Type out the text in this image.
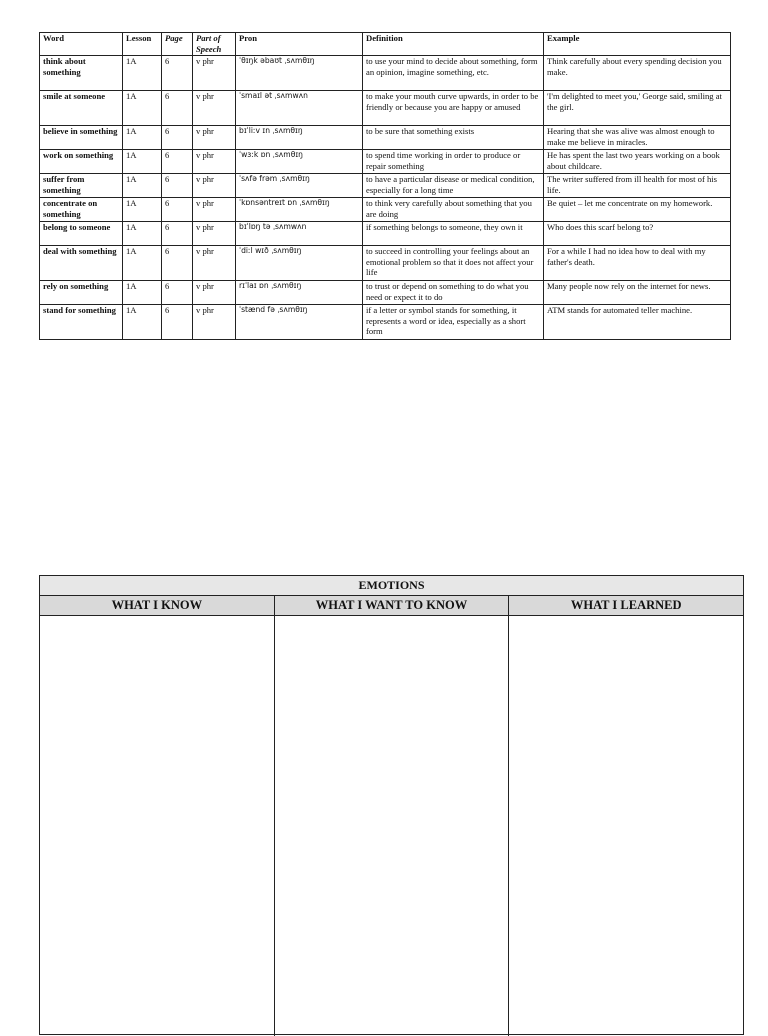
Word	Lesson	Page	Part of Speech	Pron	Definition	Example
think about something	1A	6	v phr	ˈθɪŋk əbaʊt ˌsʌmθɪŋ	to use your mind to decide about something, form an opinion, imagine something, etc.	Think carefully about every spending decision you make.
smile at someone	1A	6	v phr	ˈsmaɪl ət ˌsʌmwʌn	to make your mouth curve upwards, in order to be friendly or because you are happy or amused	'I'm delighted to meet you,' George said, smiling at the girl.
believe in something	1A	6	v phr	bɪˈliːv ɪn ˌsʌmθɪŋ	to be sure that something exists	Hearing that she was alive was almost enough to make me believe in miracles.
work on something	1A	6	v phr	ˈwɜːk ɒn ˌsʌmθɪŋ	to spend time working in order to produce or repair something	He has spent the last two years working on a book about childcare.
suffer from something	1A	6	v phr	ˈsʌfə frəm ˌsʌmθɪŋ	to have a particular disease or medical condition, especially for a long time	The writer suffered from ill health for most of his life.
concentrate on something	1A	6	v phr	ˈkɒnsəntreɪt ɒn ˌsʌmθɪŋ	to think very carefully about something that you are doing	Be quiet – let me concentrate on my homework.
belong to someone	1A	6	v phr	bɪˈlɒŋ tə ˌsʌmwʌn	if something belongs to someone, they own it	Who does this scarf belong to?
deal with something	1A	6	v phr	ˈdiːl wɪð ˌsʌmθɪŋ	to succeed in controlling your feelings about an emotional problem so that it does not affect your life	For a while I had no idea how to deal with my father's death.
rely on something	1A	6	v phr	rɪˈlaɪ ɒn ˌsʌmθɪŋ	to trust or depend on something to do what you need or expect it to do	Many people now rely on the internet for news.
stand for something	1A	6	v phr	ˈstænd fə ˌsʌmθɪŋ	if a letter or symbol stands for something, it represents a word or idea, especially as a short form	ATM stands for automated teller machine.
EMOTIONS
WHAT I KNOW	WHAT I WANT TO KNOW	WHAT I LEARNED
